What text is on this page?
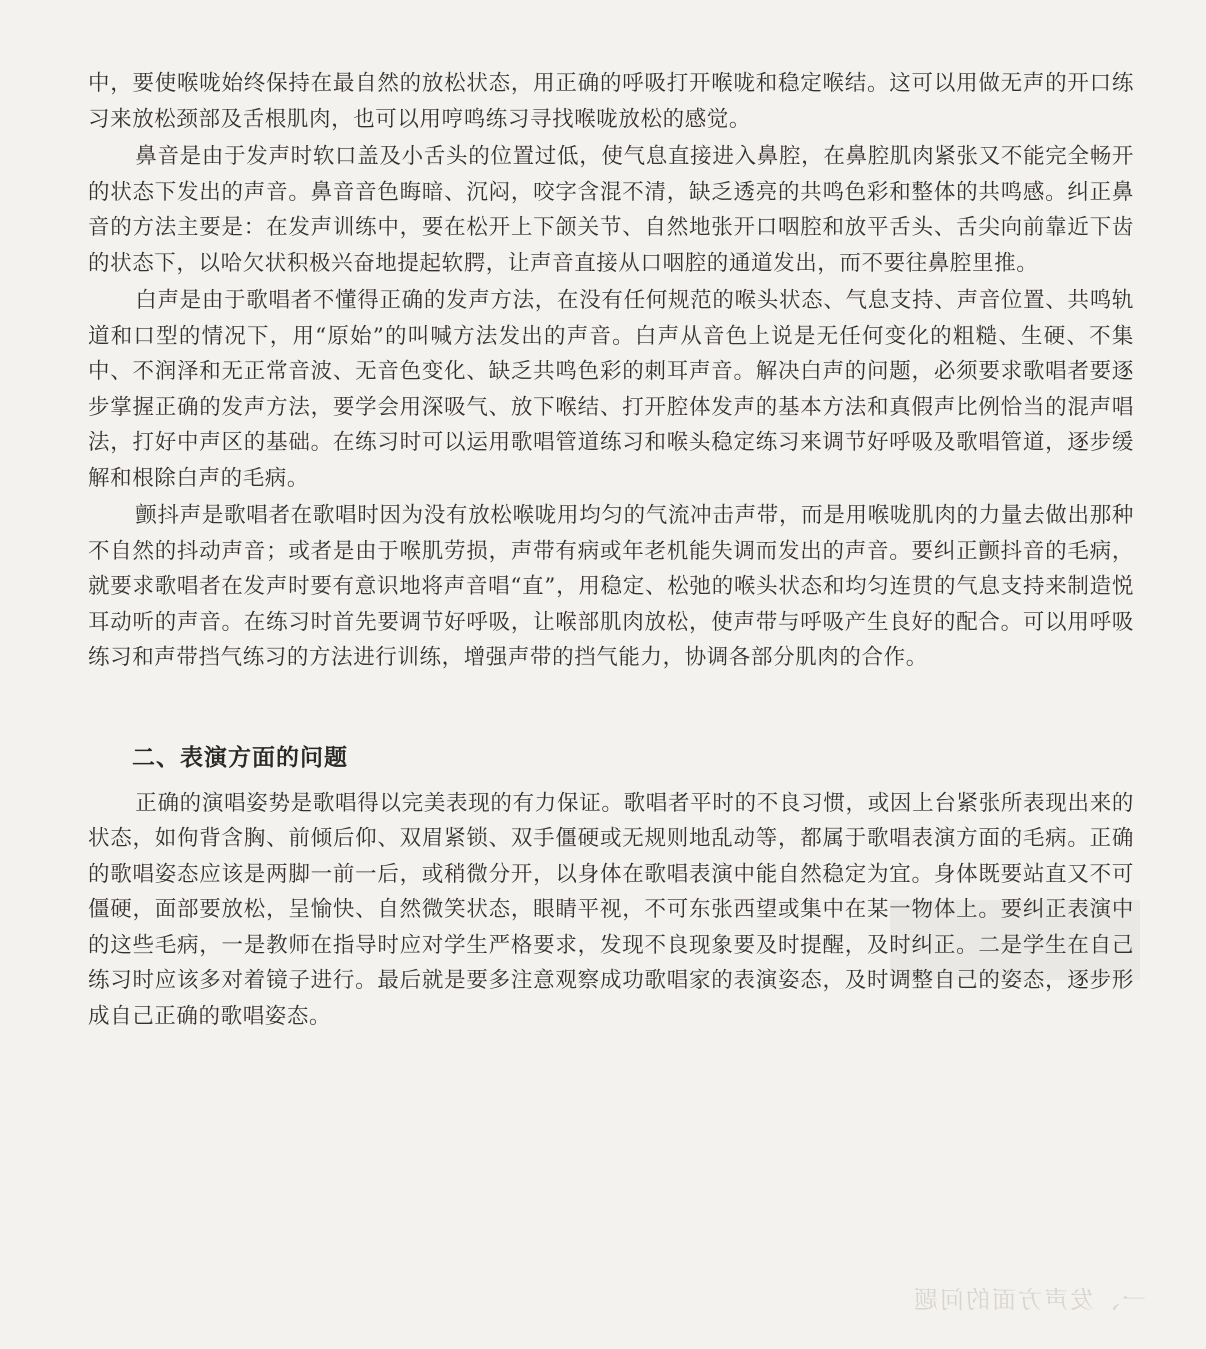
中，要使喉咙始终保持在最自然的放松状态，用正确的呼吸打开喉咙和稳定喉结。这可以用做无声的开口练习来放松颈部及舌根肌肉，也可以用哼鸣练习寻找喉咙放松的感觉。

鼻音是由于发声时软口盖及小舌头的位置过低，使气息直接进入鼻腔，在鼻腔肌肉紧张又不能完全畅开的状态下发出的声音。鼻音音色晦暗、沉闷，咬字含混不清，缺乏透亮的共鸣色彩和整体的共鸣感。纠正鼻音的方法主要是：在发声训练中，要在松开上下颌关节、自然地张开口咽腔和放平舌头、舌尖向前靠近下齿的状态下，以哈欠状积极兴奋地提起软腭，让声音直接从口咽腔的通道发出，而不要往鼻腔里推。

白声是由于歌唱者不懂得正确的发声方法，在没有任何规范的喉头状态、气息支持、声音位置、共鸣轨道和口型的情况下，用“原始”的叫喊方法发出的声音。白声从音色上说是无任何变化的粗糙、生硬、不集中、不润泽和无正常音波、无音色变化、缺乏共鸣色彩的刺耳声音。解决白声的问题，必须要求歌唱者要逐步掌握正确的发声方法，要学会用深吸气、放下喉结、打开腔体发声的基本方法和真假声比例恰当的混声唱法，打好中声区的基础。在练习时可以运用歌唱管道练习和喉头稳定练习来调节好呼吸及歌唱管道，逐步缓解和根除白声的毛病。

颤抖声是歌唱者在歌唱时因为没有放松喉咙用均匀的气流冲击声带，而是用喉咙肌肉的力量去做出那种不自然的抖动声音；或者是由于喉肌劳损，声带有病或年老机能失调而发出的声音。要纠正颤抖音的毛病，就要求歌唱者在发声时要有意识地将声音唱“直”，用稳定、松弛的喉头状态和均匀连贯的气息支持来制造悦耳动听的声音。在练习时首先要调节好呼吸，让喉部肌肉放松，使声带与呼吸产生良好的配合。可以用呼吸练习和声带挡气练习的方法进行训练，增强声带的挡气能力，协调各部分肌肉的合作。

二、表演方面的问题

正确的演唱姿势是歌唱得以完美表现的有力保证。歌唱者平时的不良习惯，或因上台紧张所表现出来的状态，如佝背含胸、前倾后仰、双眉紧锁、双手僵硬或无规则地乱动等，都属于歌唱表演方面的毛病。正确的歌唱姿态应该是两脚一前一后，或稍微分开，以身体在歌唱表演中能自然稳定为宜。身体既要站直又不可僵硬，面部要放松，呈愉快、自然微笑状态，眼睛平视，不可东张西望或集中在某一物体上。要纠正表演中的这些毛病，一是教师在指导时应对学生严格要求，发现不良现象要及时提醒，及时纠正。二是学生在自己练习时应该多对着镜子进行。最后就是要多注意观察成功歌唱家的表演姿态，及时调整自己的姿态，逐步形成自己正确的歌唱姿态。

一、发声方面的问题
